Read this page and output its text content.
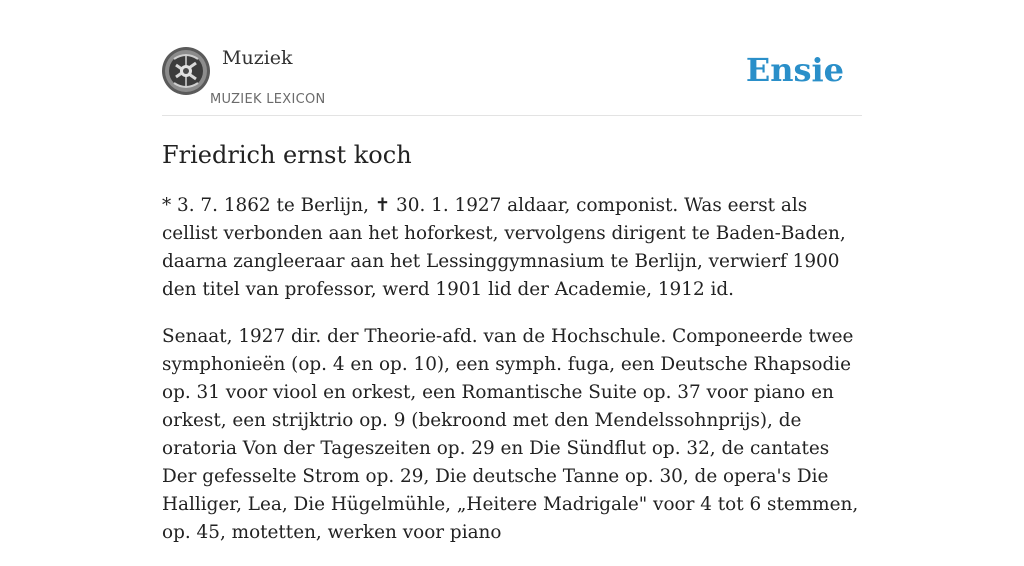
Muziek
MUZIEK LEXICON
Ensie
Friedrich ernst koch

* 3. 7. 1862 te Berlijn, ✝ 30. 1. 1927 aldaar, componist. Was eerst als cellist verbonden aan het hoforkest, vervolgens dirigent te Baden-Baden, daarna zangleeraar aan het Lessinggymnasium te Berlijn, verwierf 1900 den titel van professor, werd 1901 lid der Academie, 1912 id.

Senaat, 1927 dir. der Theorie-afd. van de Hochschule. Componeerde twee symphonieën (op. 4 en op. 10), een symph. fuga, een Deutsche Rhapsodie op. 31 voor viool en orkest, een Romantische Suite op. 37 voor piano en orkest, een strijktrio op. 9 (bekroond met den Mendelssohnprijs), de oratoria Von der Tageszeiten op. 29 en Die Sündflut op. 32, de cantates Der gefesselte Strom op. 29, Die deutsche Tanne op. 30, de opera's Die Halliger, Lea, Die Hügelmühle, „Heitere Madrigale" voor 4 tot 6 stemmen, op. 45, motetten, werken voor piano
